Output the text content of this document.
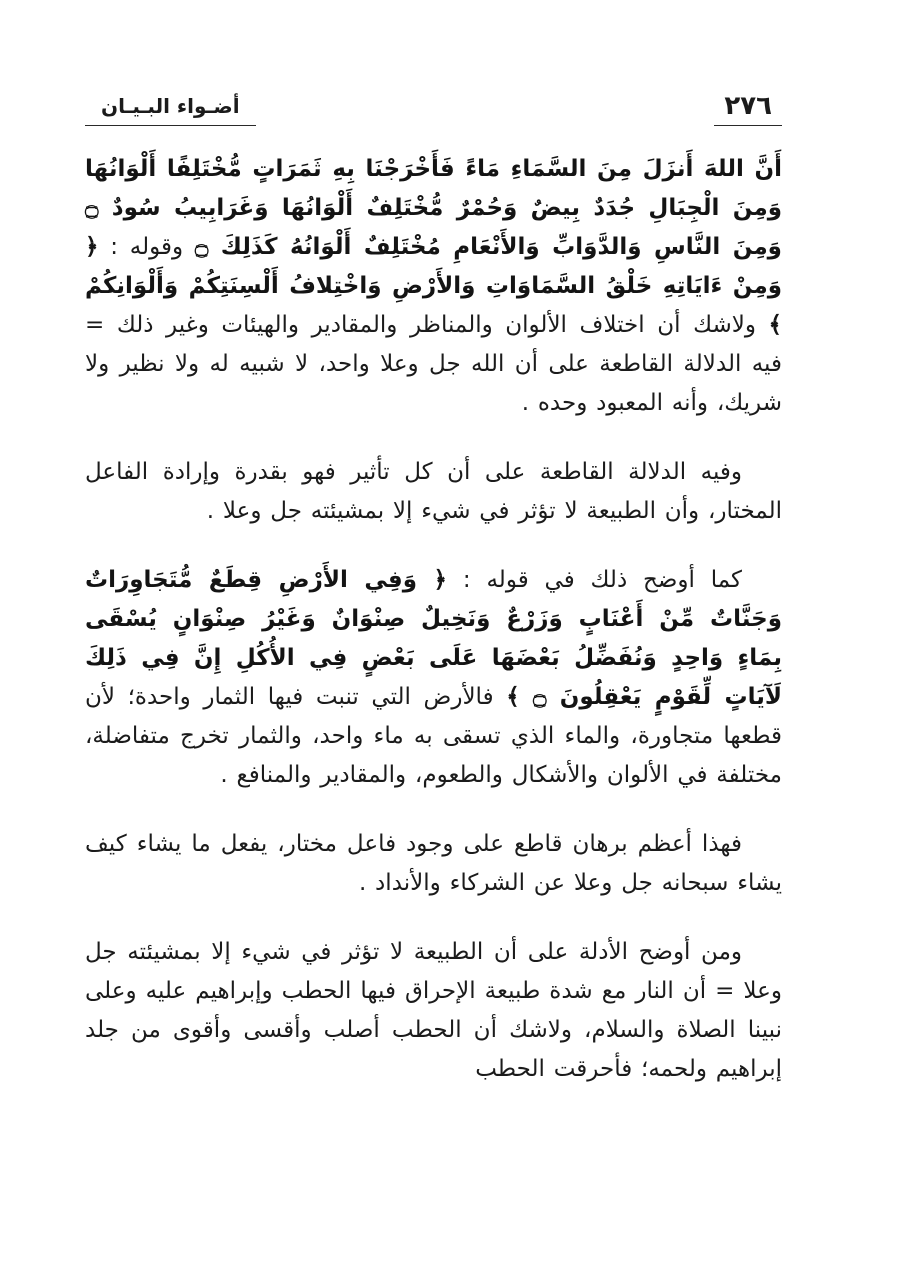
٢٧٦
أضـواء البـيـان

أَنَّ اللهَ أَنزَلَ مِنَ السَّمَاءِ مَاءً فَأَخْرَجْنَا بِهِ ثَمَرَاتٍ مُّخْتَلِفًا أَلْوَانُهَا وَمِنَ الْجِبَالِ جُدَدٌ بِيضٌ وَحُمْرٌ مُّخْتَلِفٌ أَلْوَانُهَا وَغَرَابِيبُ سُودٌ ۝ وَمِنَ النَّاسِ وَالدَّوَابِّ وَالأَنْعَامِ مُخْتَلِفٌ أَلْوَانُهُ كَذَلِكَ ۝ وقوله : ﴿ وَمِنْ ءَايَاتِهِ خَلْقُ السَّمَاوَاتِ وَالأَرْضِ وَاخْتِلافُ أَلْسِنَتِكُمْ وَأَلْوَانِكُمْ ﴾ ولاشك أن اختلاف الألوان والمناظر والمقادير والهيئات وغير ذلك = فيه الدلالة القاطعة على أن الله جل وعلا واحد، لا شبيه له ولا نظير ولا شريك، وأنه المعبود وحده .

وفيه الدلالة القاطعة على أن كل تأثير فهو بقدرة وإرادة الفاعل المختار، وأن الطبيعة لا تؤثر في شيء إلا بمشيئته جل وعلا .

كما أوضح ذلك في قوله : ﴿ وَفِي الأَرْضِ قِطَعٌ مُّتَجَاوِرَاتٌ وَجَنَّاتٌ مِّنْ أَعْنَابٍ وَزَرْعٌ وَنَخِيلٌ صِنْوَانٌ وَغَيْرُ صِنْوَانٍ يُسْقَى بِمَاءٍ وَاحِدٍ وَنُفَضِّلُ بَعْضَهَا عَلَى بَعْضٍ فِي الأُكُلِ إِنَّ فِي ذَلِكَ لَآيَاتٍ لِّقَوْمٍ يَعْقِلُونَ ۝ ﴾ فالأرض التي تنبت فيها الثمار واحدة؛ لأن قطعها متجاورة، والماء الذي تسقى به ماء واحد، والثمار تخرج متفاضلة، مختلفة في الألوان والأشكال والطعوم، والمقادير والمنافع .

فهذا أعظم برهان قاطع على وجود فاعل مختار، يفعل ما يشاء كيف يشاء سبحانه جل وعلا عن الشركاء والأنداد .

ومن أوضح الأدلة على أن الطبيعة لا تؤثر في شيء إلا بمشيئته جل وعلا = أن النار مع شدة طبيعة الإحراق فيها الحطب وإبراهيم عليه وعلى نبينا الصلاة والسلام، ولاشك أن الحطب أصلب وأقسى وأقوى من جلد إبراهيم ولحمه؛ فأحرقت الحطب
